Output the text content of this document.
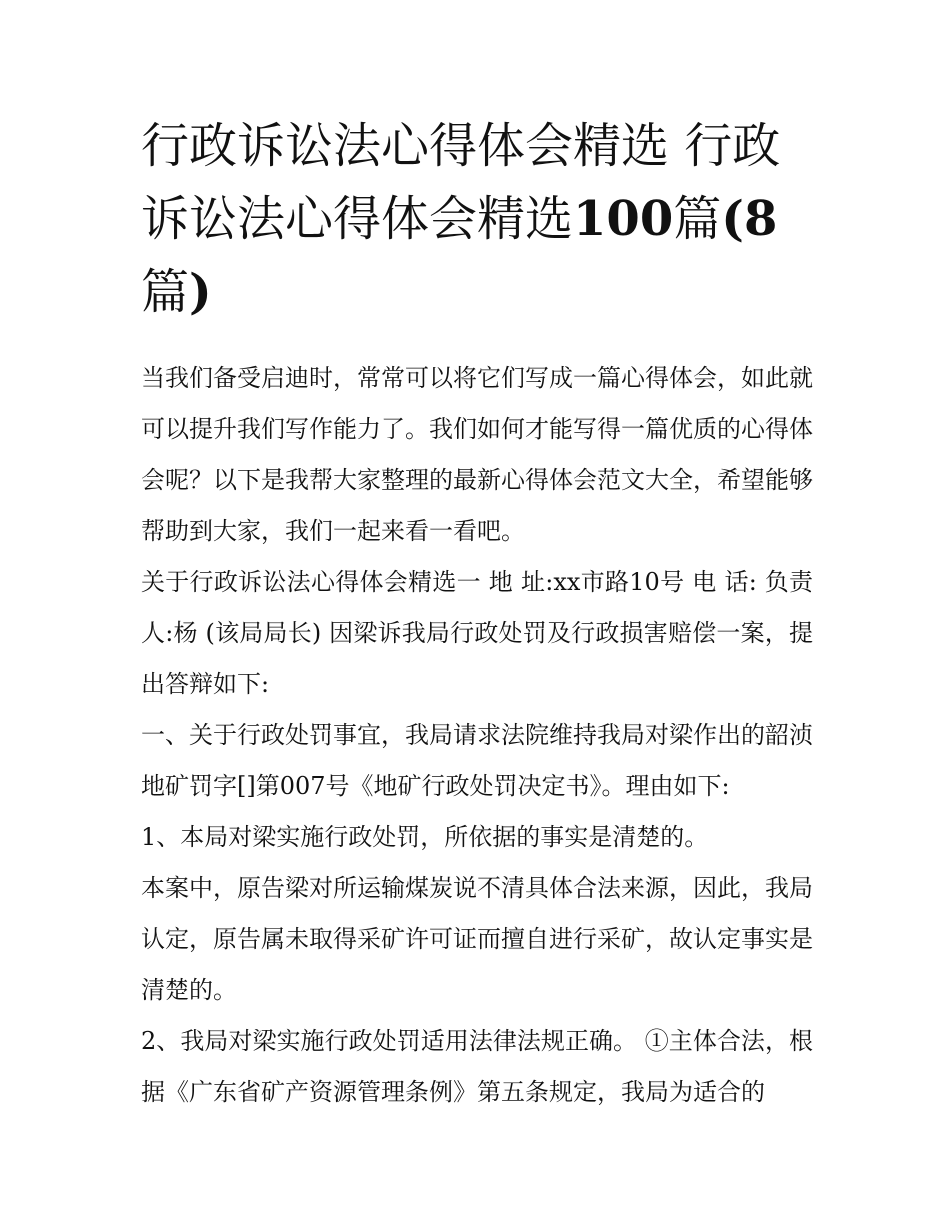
行政诉讼法心得体会精选 行政诉讼法心得体会精选100篇(8篇)

当我们备受启迪时，常常可以将它们写成一篇心得体会，如此就可以提升我们写作能力了。我们如何才能写得一篇优质的心得体会呢？以下是我帮大家整理的最新心得体会范文大全，希望能够帮助到大家，我们一起来看一看吧。

关于行政诉讼法心得体会精选一 地 址:xx市路10号 电 话: 负责人:杨 (该局局长) 因梁诉我局行政处罚及行政损害赔偿一案，提出答辩如下:

一、关于行政处罚事宜，我局请求法院维持我局对梁作出的韶浈地矿罚字[]第007号《地矿行政处罚决定书》。理由如下:

1、本局对梁实施行政处罚，所依据的事实是清楚的。

本案中，原告梁对所运输煤炭说不清具体合法来源，因此，我局认定，原告属未取得采矿许可证而擅自进行采矿，故认定事实是清楚的。

2、我局对梁实施行政处罚适用法律法规正确。 ①主体合法，根据《广东省矿产资源管理条例》第五条规定，我局为适合的
